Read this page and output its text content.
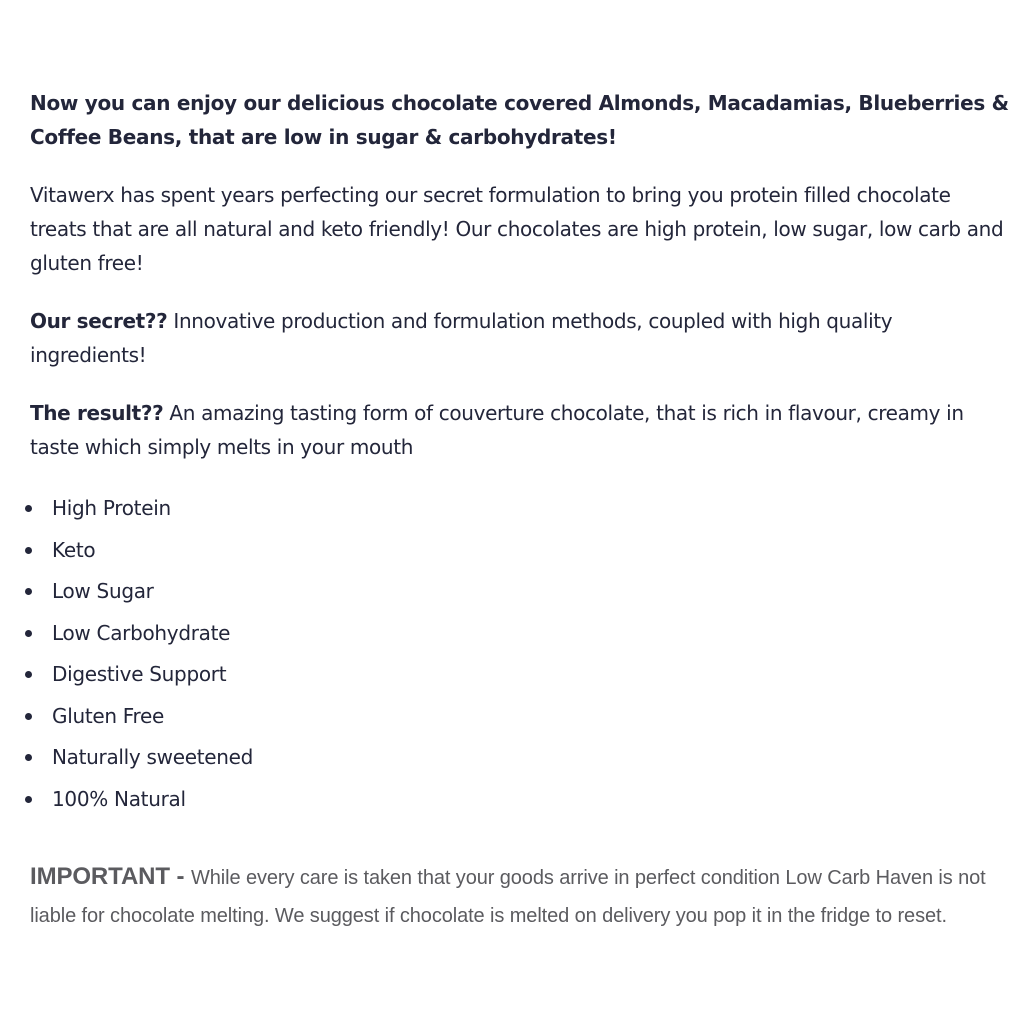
Now you can enjoy our delicious chocolate covered Almonds, Macadamias, Blueberries & Coffee Beans, that are low in sugar & carbohydrates!

Vitawerx has spent years perfecting our secret formulation to bring you protein filled chocolate treats that are all natural and keto friendly! Our chocolates are high protein, low sugar, low carb and gluten free!

Our secret?? Innovative production and formulation methods, coupled with high quality ingredients!

The result?? An amazing tasting form of couverture chocolate, that is rich in flavour, creamy in taste which simply melts in your mouth

High Protein
Keto
Low Sugar
Low Carbohydrate
Digestive Support
Gluten Free
Naturally sweetened
100% Natural

IMPORTANT - While every care is taken that your goods arrive in perfect condition Low Carb Haven is not liable for chocolate melting. We suggest if chocolate is melted on delivery you pop it in the fridge to reset.
